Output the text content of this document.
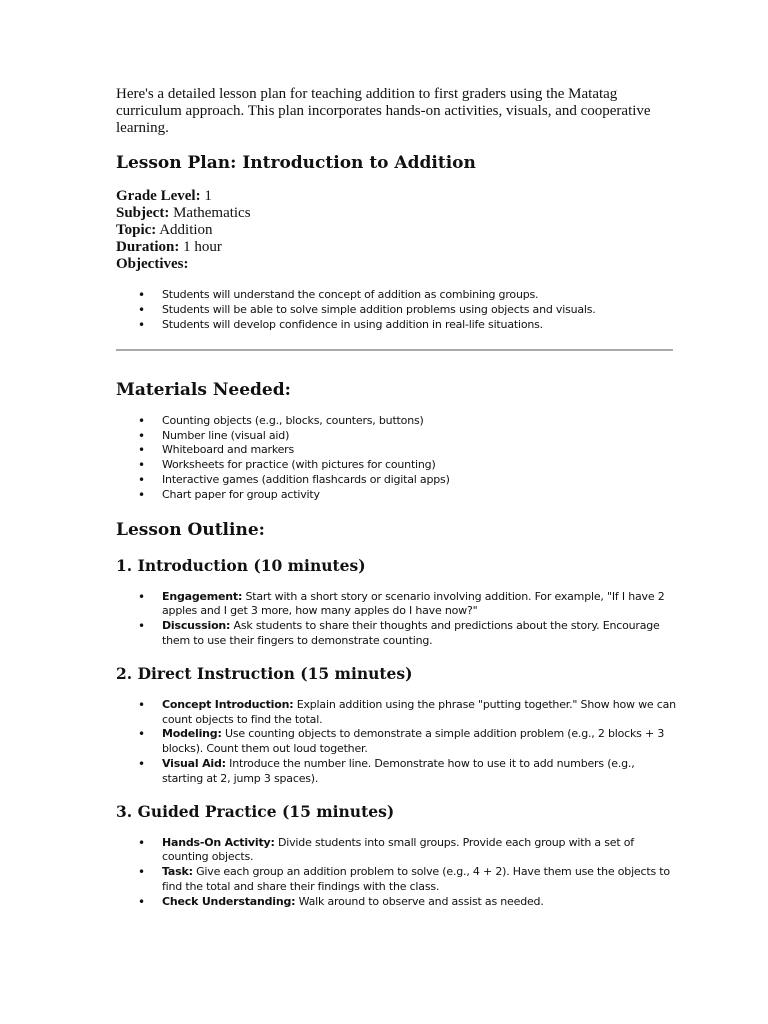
Here's a detailed lesson plan for teaching addition to first graders using the Matatag curriculum approach. This plan incorporates hands-on activities, visuals, and cooperative learning.

Lesson Plan: Introduction to Addition

Grade Level: 1

Subject: Mathematics

Topic: Addition

Duration: 1 hour

Objectives:

• Students will understand the concept of addition as combining groups.
• Students will be able to solve simple addition problems using objects and visuals.
• Students will develop confidence in using addition in real-life situations.
Materials Needed:
• Counting objects (e.g., blocks, counters, buttons)
• Number line (visual aid)
• Whiteboard and markers
• Worksheets for practice (with pictures for counting)
• Interactive games (addition flashcards or digital apps)
• Chart paper for group activity
Lesson Outline:
1. Introduction (10 minutes)
• Engagement: Start with a short story or scenario involving addition. For example, "If I have 2 apples and I get 3 more, how many apples do I have now?"
• Discussion: Ask students to share their thoughts and predictions about the story. Encourage them to use their fingers to demonstrate counting.
2. Direct Instruction (15 minutes)
• Concept Introduction: Explain addition using the phrase "putting together." Show how we can count objects to find the total.
• Modeling: Use counting objects to demonstrate a simple addition problem (e.g., 2 blocks + 3 blocks). Count them out loud together.
• Visual Aid: Introduce the number line. Demonstrate how to use it to add numbers (e.g., starting at 2, jump 3 spaces).
3. Guided Practice (15 minutes)
• Hands-On Activity: Divide students into small groups. Provide each group with a set of counting objects.
• Task: Give each group an addition problem to solve (e.g., 4 + 2). Have them use the objects to find the total and share their findings with the class.
• Check Understanding: Walk around to observe and assist as needed.
